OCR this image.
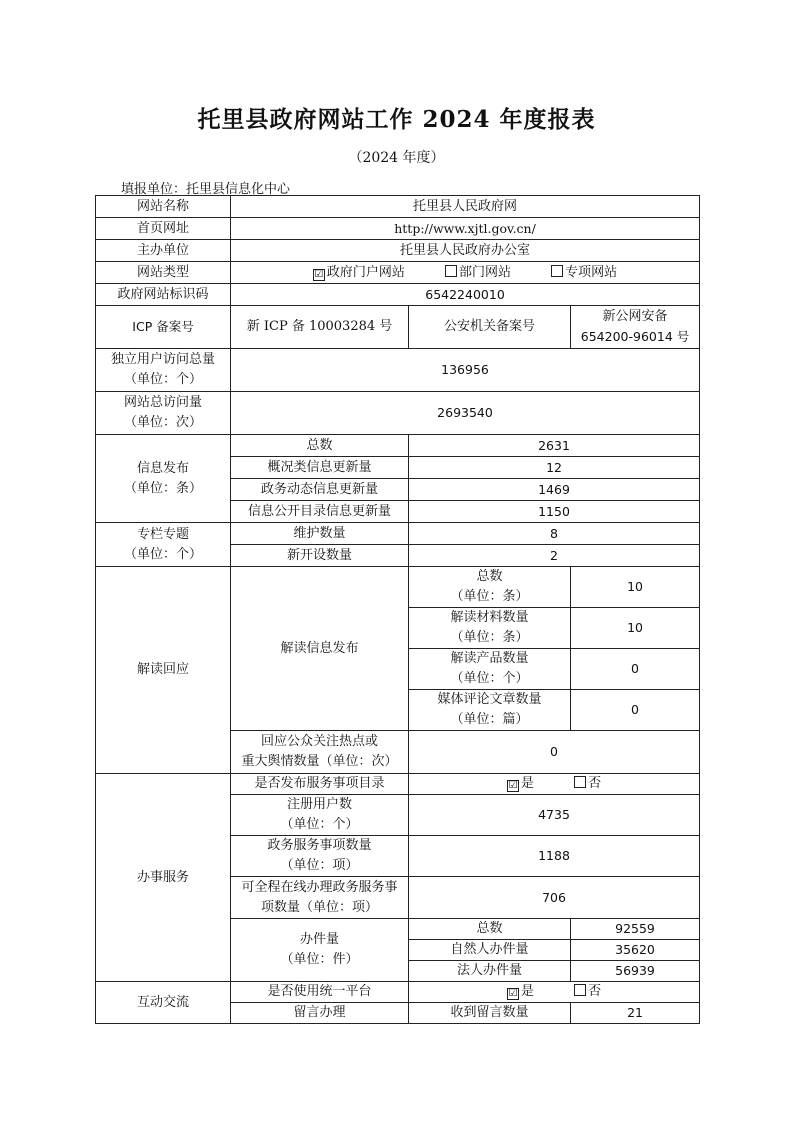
托里县政府网站工作 2024 年度报表
（2024 年度）
填报单位：托里县信息化中心
网站名称	托里县人民政府网		
首页网址	http://www.xjtl.gov.cn/		
主办单位	托里县人民政府办公室		
网站类型	☑ 政府门户网站 部门网站 专项网站		
政府网站标识码	6542240010		
ICP 备案号	新 ICP 备 10003284 号	公安机关备案号	新公网安备
654200-96014 号

独立用户访问总量
（单位：个）	136956		

网站总访问量
（单位：次）	2693540		

信息发布
（单位：条）	总数	2631	
	概况类信息更新量	12	
	政务动态信息更新量	1469	
	信息公开目录信息更新量	1150	

专栏专题
（单位：个）	维护数量	8	
	新开设数量	2	
解读回应	解读信息发布	总数
（单位：条）	10

		解读材料数量
（单位：条）	10

		解读产品数量
（单位：个）	0

		媒体评论文章数量
（单位：篇）	0

	回应公众关注热点或
重大舆情数量（单位：次）	0	
办事服务	是否发布服务事项目录	☑ 是 否	

	注册用户数
（单位：个）	4735	

	政务服务事项数量
（单位：项）	1188	

	可全程在线办理政务服务事
项数量（单位：项）	706	

	办件量
（单位：件）	总数	92559
		自然人办件量	35620
		法人办件量	56939
互动交流	是否使用统一平台	☑ 是 否	
	留言办理	收到留言数量	21
